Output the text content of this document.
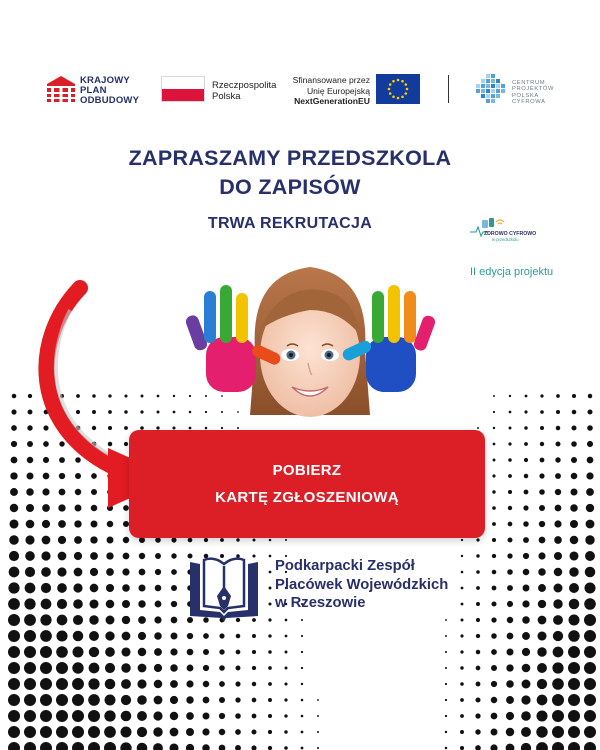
KRAJOWY
PLAN
ODBUDOWY
Rzeczpospolita
Polska
Sfinansowane przez
Unię Europejską
NextGenerationEU
CENTRUM
PROJEKTÓW
POLSKA
CYFROWA
ZAPRASZAMY PRZEDSZKOLA
DO ZAPISÓW
TRWA REKRUTACJA
ZDROWO CYFROWO
w przedszkolu
II edycja projektu
POBIERZ
KARTĘ ZGŁOSZENIOWĄ
Podkarpacki Zespół
Placówek Wojewódzkich
w Rzeszowie
